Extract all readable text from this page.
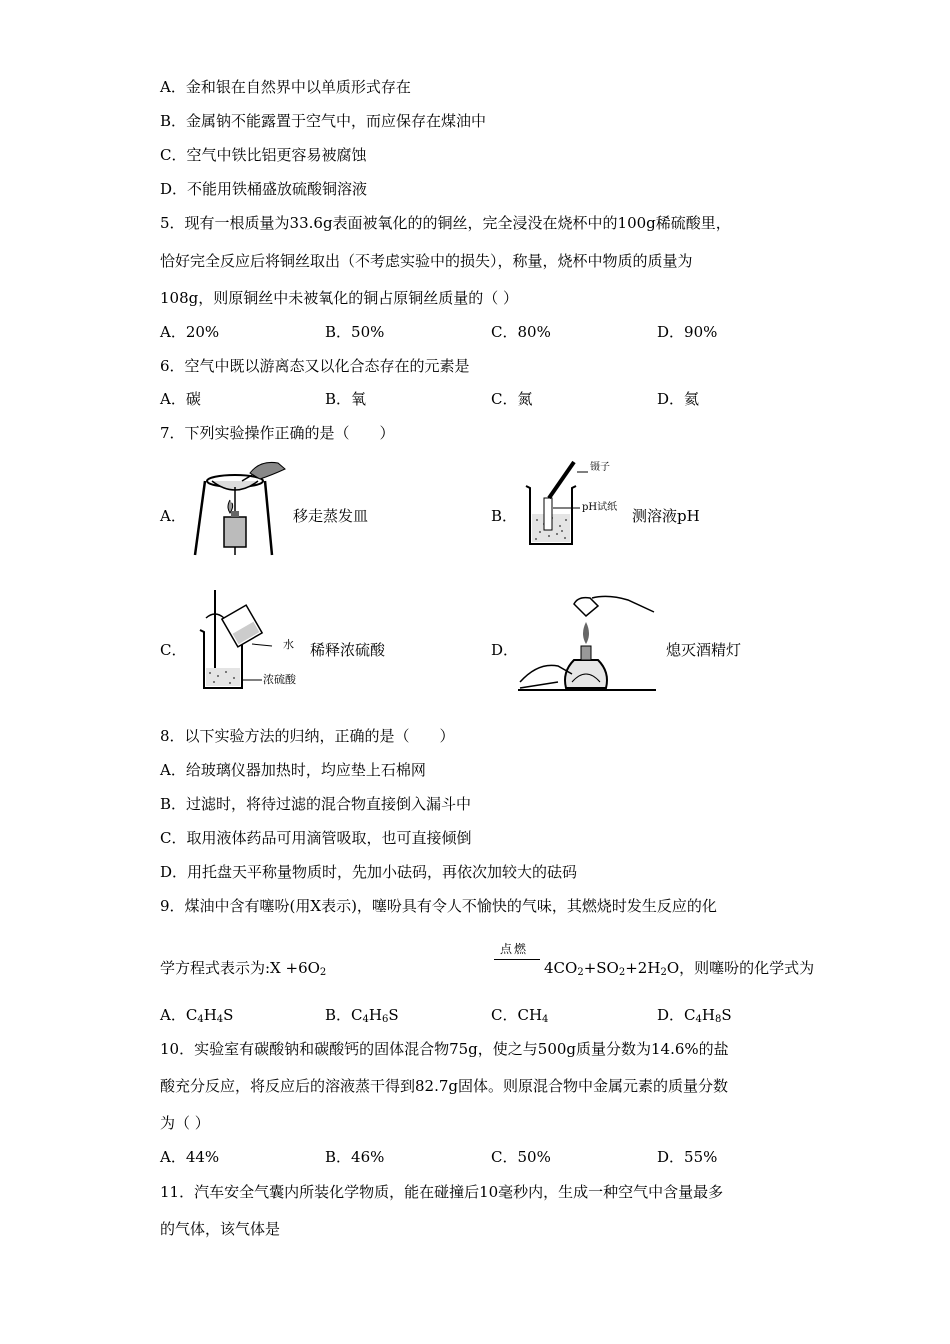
A．金和银在自然界中以单质形式存在
B．金属钠不能露置于空气中，而应保存在煤油中
C．空气中铁比铝更容易被腐蚀
D．不能用铁桶盛放硫酸铜溶液
5．现有一根质量为33.6g表面被氧化的的铜丝，完全浸没在烧杯中的100g稀硫酸里，
恰好完全反应后将铜丝取出（不考虑实验中的损失），称量，烧杯中物质的质量为
108g，则原铜丝中未被氧化的铜占原铜丝质量的（ ）
A．20%	B．50%	C．80%	D．90%
6．空气中既以游离态又以化合态存在的元素是
A．碳	B．氧	C．氮	D．氦
7．下列实验操作正确的是（　　）
A．	移走蒸发皿	B．
镊子
pH试纸 测溶液pH
C．	水
浓硫酸
稀释浓硫酸	D．	熄灭酒精灯
8．以下实验方法的归纳，正确的是（　　）
A．给玻璃仪器加热时，均应垫上石棉网
B．过滤时，将待过滤的混合物直接倒入漏斗中
C．取用液体药品可用滴管吸取，也可直接倾倒
D．用托盘天平称量物质时，先加小砝码，再依次加较大的砝码
9．煤油中含有噻吩(用X表示)，噻吩具有令人不愉快的气味，其燃烧时发生反应的化
学方程式表示为:X $+6O_2$
点燃
$4CO_2+SO_2+2H_2O$，则噻吩的化学式为
A．$C_4H_4S$	B．$C_4H_6S$	C．$CH_4$	D．$C_4H_8S$
10．实验室有碳酸钠和碳酸钙的固体混合物75g，使之与500g质量分数为14.6%的盐
酸充分反应，将反应后的溶液蒸干得到82.7g固体。则原混合物中金属元素的质量分数
为（ ）
A．44%	B．46%	C．50%	D．55%
11．汽车安全气囊内所装化学物质，能在碰撞后10毫秒内，生成一种空气中含量最多
的气体，该气体是
